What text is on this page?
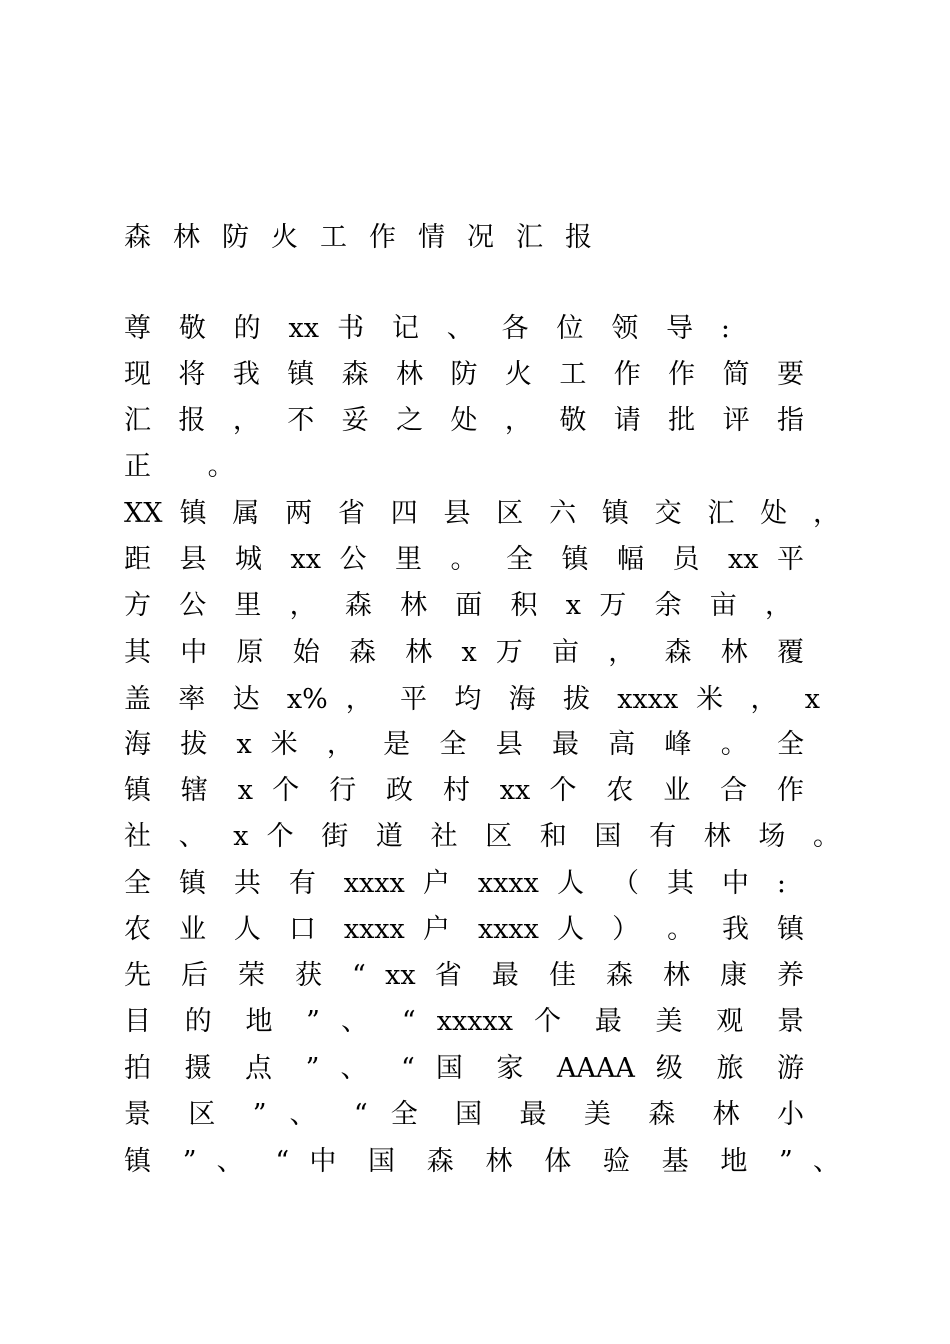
森林防火工作情况汇报
尊 敬 的 xx 书 记 、 各 位 领 导 :
现 将 我 镇 森 林 防 火 工 作 作 简 要
汇 报 ， 不 妥 之 处 ， 敬 请 批 评 指
正 。
XX 镇 属 两 省 四 县 区 六 镇 交 汇 处 ，
距 县 城 xx 公 里 。 全 镇 幅 员 xx 平
方 公 里 ， 森 林 面 积 x 万 余 亩 ，
其 中 原 始 森 林 x 万 亩 ， 森 林 覆
盖 率 达 x% ， 平 均 海 拔 xxxx 米 ， x
海 拔 x 米 ， 是 全 县 最 高 峰 。 全
镇 辖 x 个 行 政 村 xx 个 农 业 合 作
社 、 x 个 街 道 社 区 和 国 有 林 场 。
全 镇 共 有 xxxx 户 xxxx 人 （ 其 中 :
农 业 人 口 xxxx 户 xxxx 人 ） 。 我 镇
先 后 荣 获 “ xx 省 最 佳 森 林 康 养
目 的 地 ” 、 “ xxxxx 个 最 美 观 景
拍 摄 点 ” 、 “ 国 家 AAAA 级 旅 游
景 区 ” 、 “ 全 国 最 美 森 林 小
镇 ” 、 “ 中 国 森 林 体 验 基 地 ” 、
